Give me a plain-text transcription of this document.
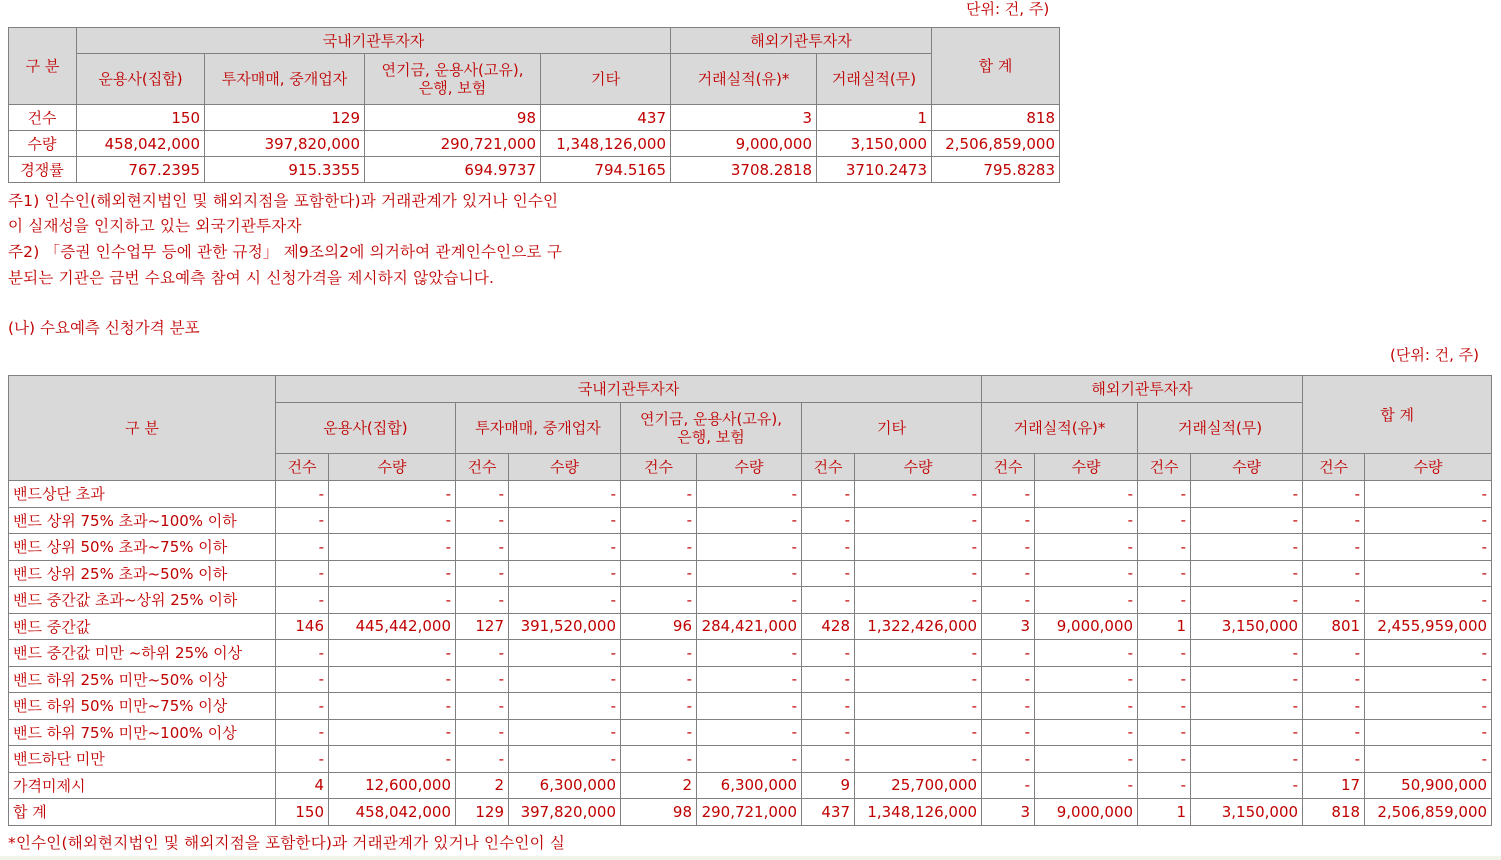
단위: 건, 주)
구 분	국내기관투자자				해외기관투자자		합 계
	운용사(집합)	투자매매, 중개업자	연기금, 운용사(고유),
은행, 보험	기타	거래실적(유)*	거래실적(무)	
건수	150	129	98	437	3	1	818
수량	458,042,000	397,820,000	290,721,000	1,348,126,000	9,000,000	3,150,000	2,506,859,000
경쟁률	767.2395	915.3355	694.9737	794.5165	3708.2818	3710.2473	795.8283
주1) 인수인(해외현지법인 및 해외지점을 포함한다)과 거래관계가 있거나 인수인
이 실재성을 인지하고 있는 외국기관투자자
주2) 「증권 인수업무 등에 관한 규정」 제9조의2에 의거하여 관계인수인으로 구
분되는 기관은 금번 수요예측 참여 시 신청가격을 제시하지 않았습니다.
(나) 수요예측 신청가격 분포
(단위: 건, 주)
구 분	국내기관투자자								해외기관투자자				합 계	
	운용사(집합)		투자매매, 중개업자		연기금, 운용사(고유),
은행, 보험		기타		거래실적(유)*		거래실적(무)			
	건수	수량	건수	수량	건수	수량	건수	수량	건수	수량	건수	수량	건수	수량
밴드상단 초과	-	-	-	-	-	-	-	-	-	-	-	-	-	-
밴드 상위 75% 초과~100% 이하	-	-	-	-	-	-	-	-	-	-	-	-	-	-
밴드 상위 50% 초과~75% 이하	-	-	-	-	-	-	-	-	-	-	-	-	-	-
밴드 상위 25% 초과~50% 이하	-	-	-	-	-	-	-	-	-	-	-	-	-	-
밴드 중간값 초과~상위 25% 이하	-	-	-	-	-	-	-	-	-	-	-	-	-	-
밴드 중간값	146	445,442,000	127	391,520,000	96	284,421,000	428	1,322,426,000	3	9,000,000	1	3,150,000	801	2,455,959,000
밴드 중간값 미만 ~하위 25% 이상	-	-	-	-	-	-	-	-	-	-	-	-	-	-
밴드 하위 25% 미만~50% 이상	-	-	-	-	-	-	-	-	-	-	-	-	-	-
밴드 하위 50% 미만~75% 이상	-	-	-	-	-	-	-	-	-	-	-	-	-	-
밴드 하위 75% 미만~100% 이상	-	-	-	-	-	-	-	-	-	-	-	-	-	-
밴드하단 미만	-	-	-	-	-	-	-	-	-	-	-	-	-	-
가격미제시	4	12,600,000	2	6,300,000	2	6,300,000	9	25,700,000	-	-	-	-	17	50,900,000
합 계	150	458,042,000	129	397,820,000	98	290,721,000	437	1,348,126,000	3	9,000,000	1	3,150,000	818	2,506,859,000
*인수인(해외현지법인 및 해외지점을 포함한다)과 거래관계가 있거나 인수인이 실
